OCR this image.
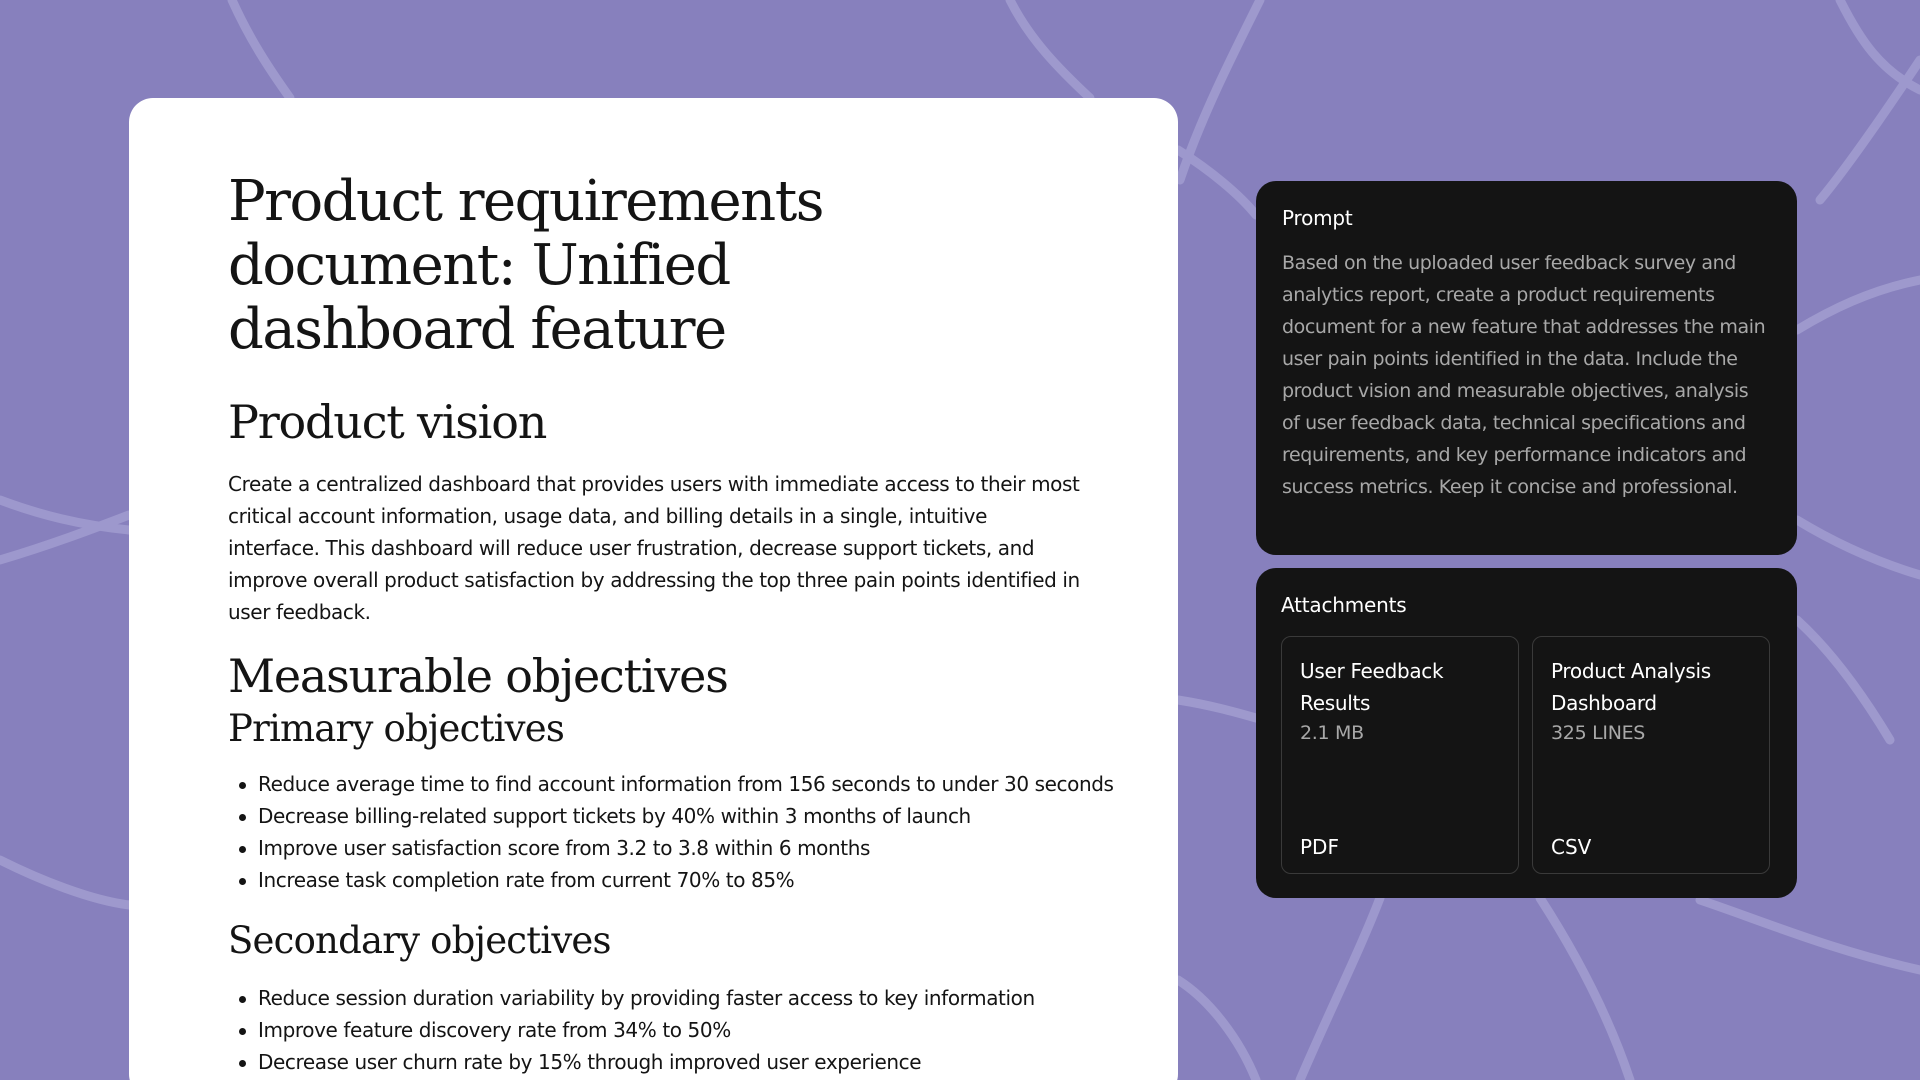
Product requirements document: Unified dashboard feature
Product vision

Create a centralized dashboard that provides users with immediate access to their most critical account information, usage data, and billing details in a single, intuitive interface. This dashboard will reduce user frustration, decrease support tickets, and improve overall product satisfaction by addressing the top three pain points identified in user feedback.

Measurable objectives
Primary objectives
Reduce average time to find account information from 156 seconds to under 30 seconds
Decrease billing-related support tickets by 40% within 3 months of launch
Improve user satisfaction score from 3.2 to 3.8 within 6 months
Increase task completion rate from current 70% to 85%
Secondary objectives
Reduce session duration variability by providing faster access to key information
Improve feature discovery rate from 34% to 50%
Decrease user churn rate by 15% through improved user experience
Prompt

Based on the uploaded user feedback survey and analytics report, create a product requirements document for a new feature that addresses the main user pain points identified in the data. Include the product vision and measurable objectives, analysis of user feedback data, technical specifications and requirements, and key performance indicators and success metrics. Keep it concise and professional.

Attachments
User Feedback Results
2.1 MB
PDF
Product Analysis Dashboard
325 LINES
CSV
